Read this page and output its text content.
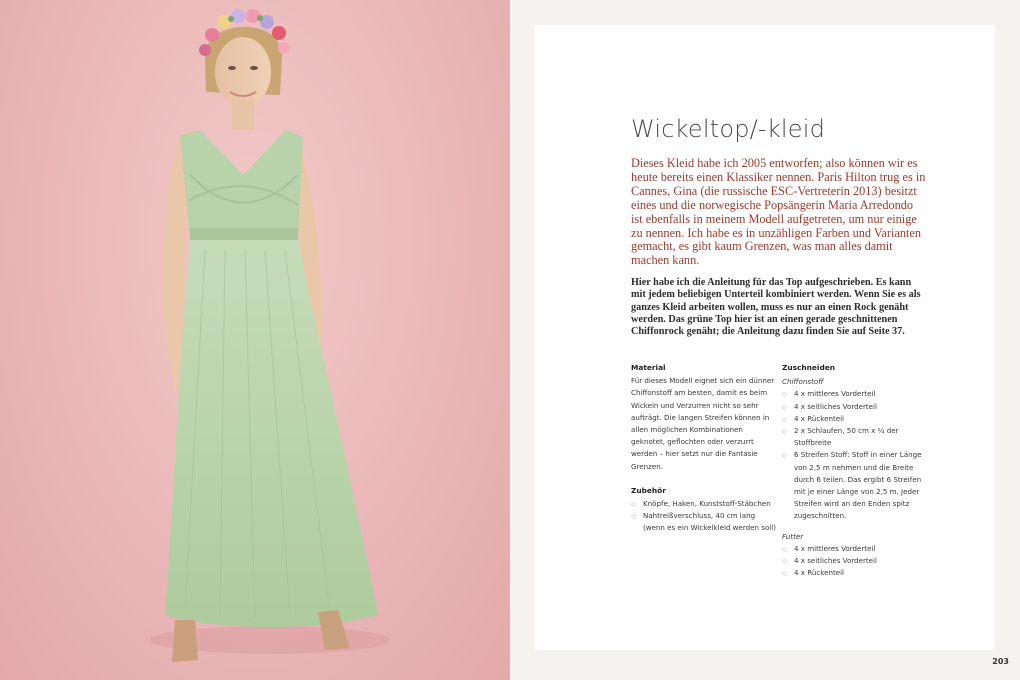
Wickeltop/-kleid

Dieses Kleid habe ich 2005 entworfen; also können wir es heute bereits einen Klassiker nennen. Paris Hilton trug es in Cannes, Gina (die russische ESC-Vertreterin 2013) besitzt eines und die norwegische Popsängerin Maria Arredondo ist ebenfalls in meinem Modell aufgetreten, um nur einige zu nennen. Ich habe es in unzähligen Farben und Varianten gemacht, es gibt kaum Grenzen, was man alles damit machen kann.

Hier habe ich die Anleitung für das Top aufgeschrieben. Es kann mit jedem beliebigen Unterteil kombiniert werden. Wenn Sie es als ganzes Kleid arbeiten wollen, muss es nur an einen Rock genäht werden. Das grüne Top hier ist an einen gerade geschnittenen Chiffonrock genäht; die Anleitung dazu finden Sie auf Seite 37.

Material
Für dieses Modell eignet sich ein dünner Chiffonstoff am besten, damit es beim Wickeln und Verzurren nicht so sehr aufträgt. Die langen Streifen können in allen möglichen Kombinationen geknotet, geflochten oder verzurrt werden – hier setzt nur die Fantasie Grenzen.
Zubehör
◇ Knöpfe, Haken, Kunststoff-Stäbchen
◇ Nahtreißverschluss, 40 cm lang (wenn es ein Wickelkleid werden soll)
Zuschneiden
Chiffonstoff
◇ 4 x mittleres Vorderteil
◇ 4 x seitliches Vorderteil
◇ 4 x Rückenteil
◇ 2 x Schlaufen, 50 cm x ¼ der Stoffbreite
◇ 6 Streifen Stoff: Stoff in einer Länge von 2,5 m nehmen und die Breite durch 6 teilen. Das ergibt 6 Streifen mit je einer Länge von 2,5 m. Jeder Streifen wird an den Enden spitz zugeschnitten.
Futter
◇ 4 x mittleres Vorderteil
◇ 4 x seitliches Vorderteil
◇ 4 x Rückenteil
203
